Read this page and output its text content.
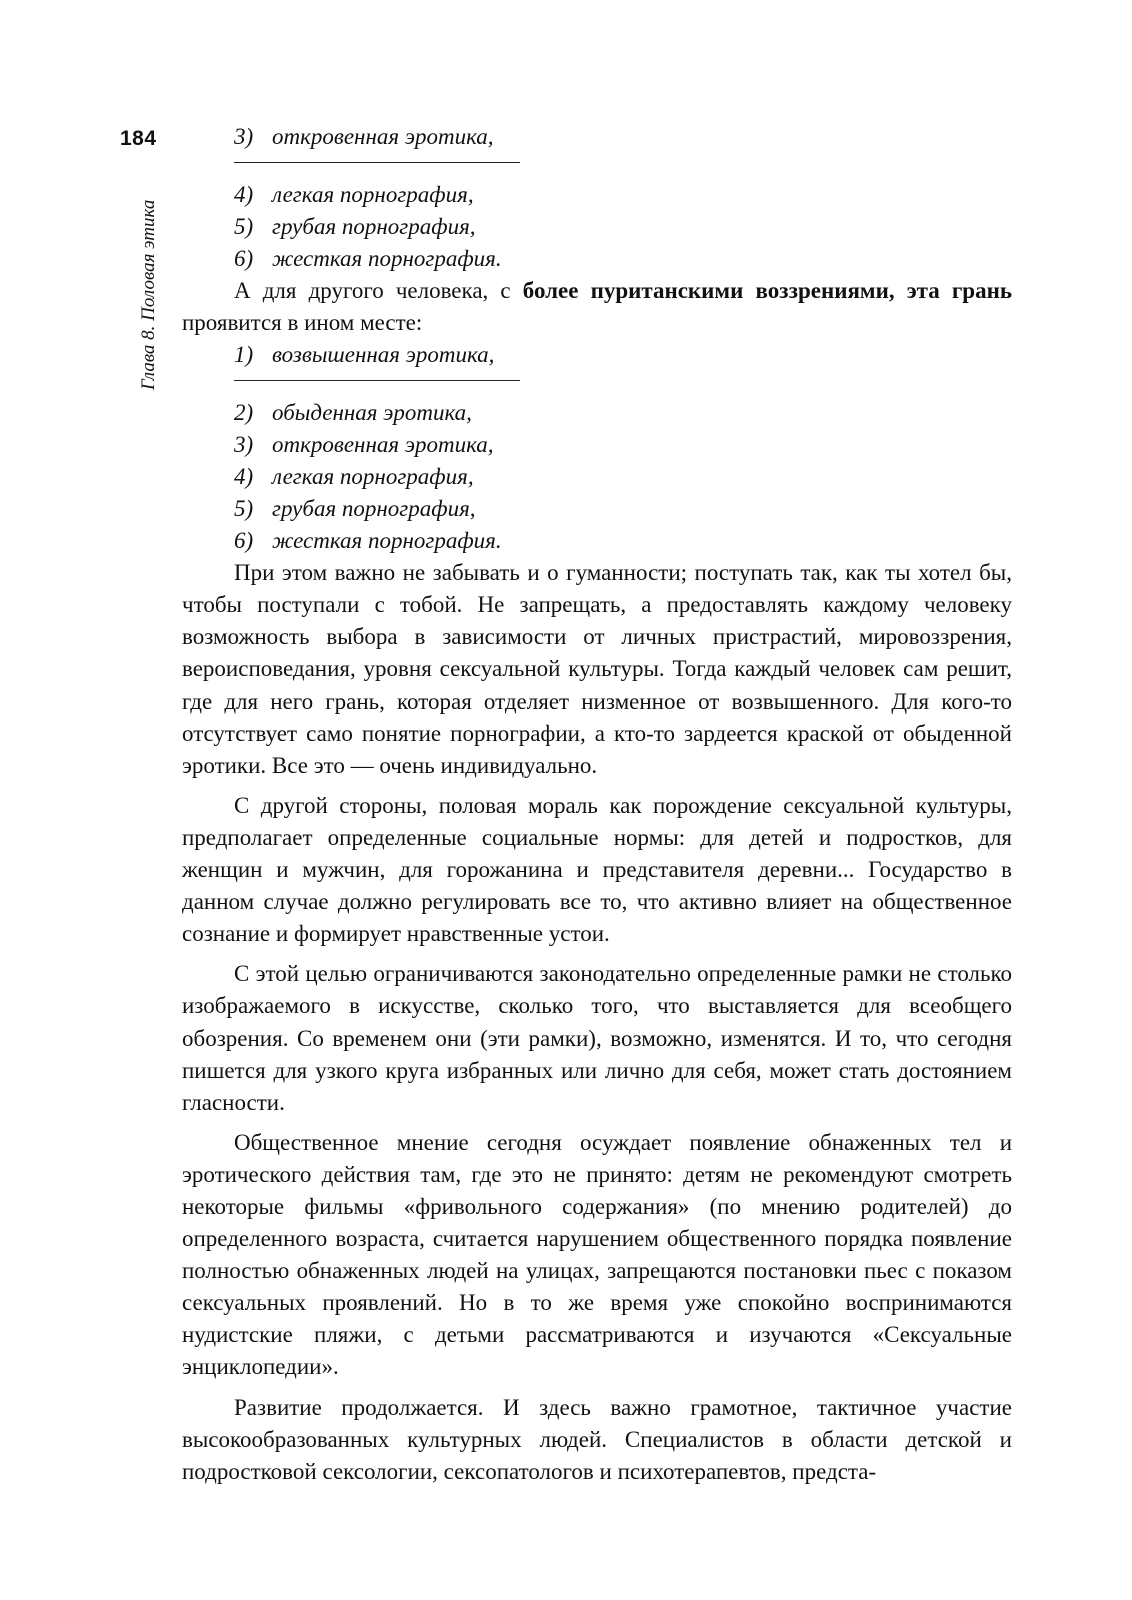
184
Глава 8. Половая этика
3) откровенная эротика,
4) легкая порнография,
5) грубая порнография,
6) жесткая порнография.

А для другого человека, с более пуританскими воззрениями, эта грань проявится в ином месте:

1) возвышенная эротика,
2) обыденная эротика,
3) откровенная эротика,
4) легкая порнография,
5) грубая порнография,
6) жесткая порнография.

При этом важно не забывать и о гуманности; поступать так, как ты хотел бы, чтобы поступали с тобой. Не запрещать, а предоставлять каждому человеку возможность выбора в зависимости от личных пристрастий, мировоззрения, вероисповедания, уровня сексуальной культуры. Тогда каждый человек сам решит, где для него грань, которая отделяет низменное от возвышенного. Для кого-то отсутствует само понятие порнографии, а кто-то зардеется краской от обыденной эротики. Все это — очень индивидуально.

С другой стороны, половая мораль как порождение сексуальной культуры, предполагает определенные социальные нормы: для детей и подростков, для женщин и мужчин, для горожанина и представителя деревни... Государство в данном случае должно регулировать все то, что активно влияет на общественное сознание и формирует нравственные устои.

С этой целью ограничиваются законодательно определенные рамки не столько изображаемого в искусстве, сколько того, что выставляется для всеобщего обозрения. Со временем они (эти рамки), возможно, изменятся. И то, что сегодня пишется для узкого круга избранных или лично для себя, может стать достоянием гласности.

Общественное мнение сегодня осуждает появление обнаженных тел и эротического действия там, где это не принято: детям не рекомендуют смотреть некоторые фильмы «фривольного содержания» (по мнению родителей) до определенного возраста, считается нарушением общественного порядка появление полностью обнаженных людей на улицах, запрещаются постановки пьес с показом сексуальных проявлений. Но в то же время уже спокойно воспринимаются нудистские пляжи, с детьми рассматриваются и изучаются «Сексуальные энциклопедии».

Развитие продолжается. И здесь важно грамотное, тактичное участие высокообразованных культурных людей. Специалистов в области детской и подростковой сексологии, сексопатологов и психотерапевтов, предста-
